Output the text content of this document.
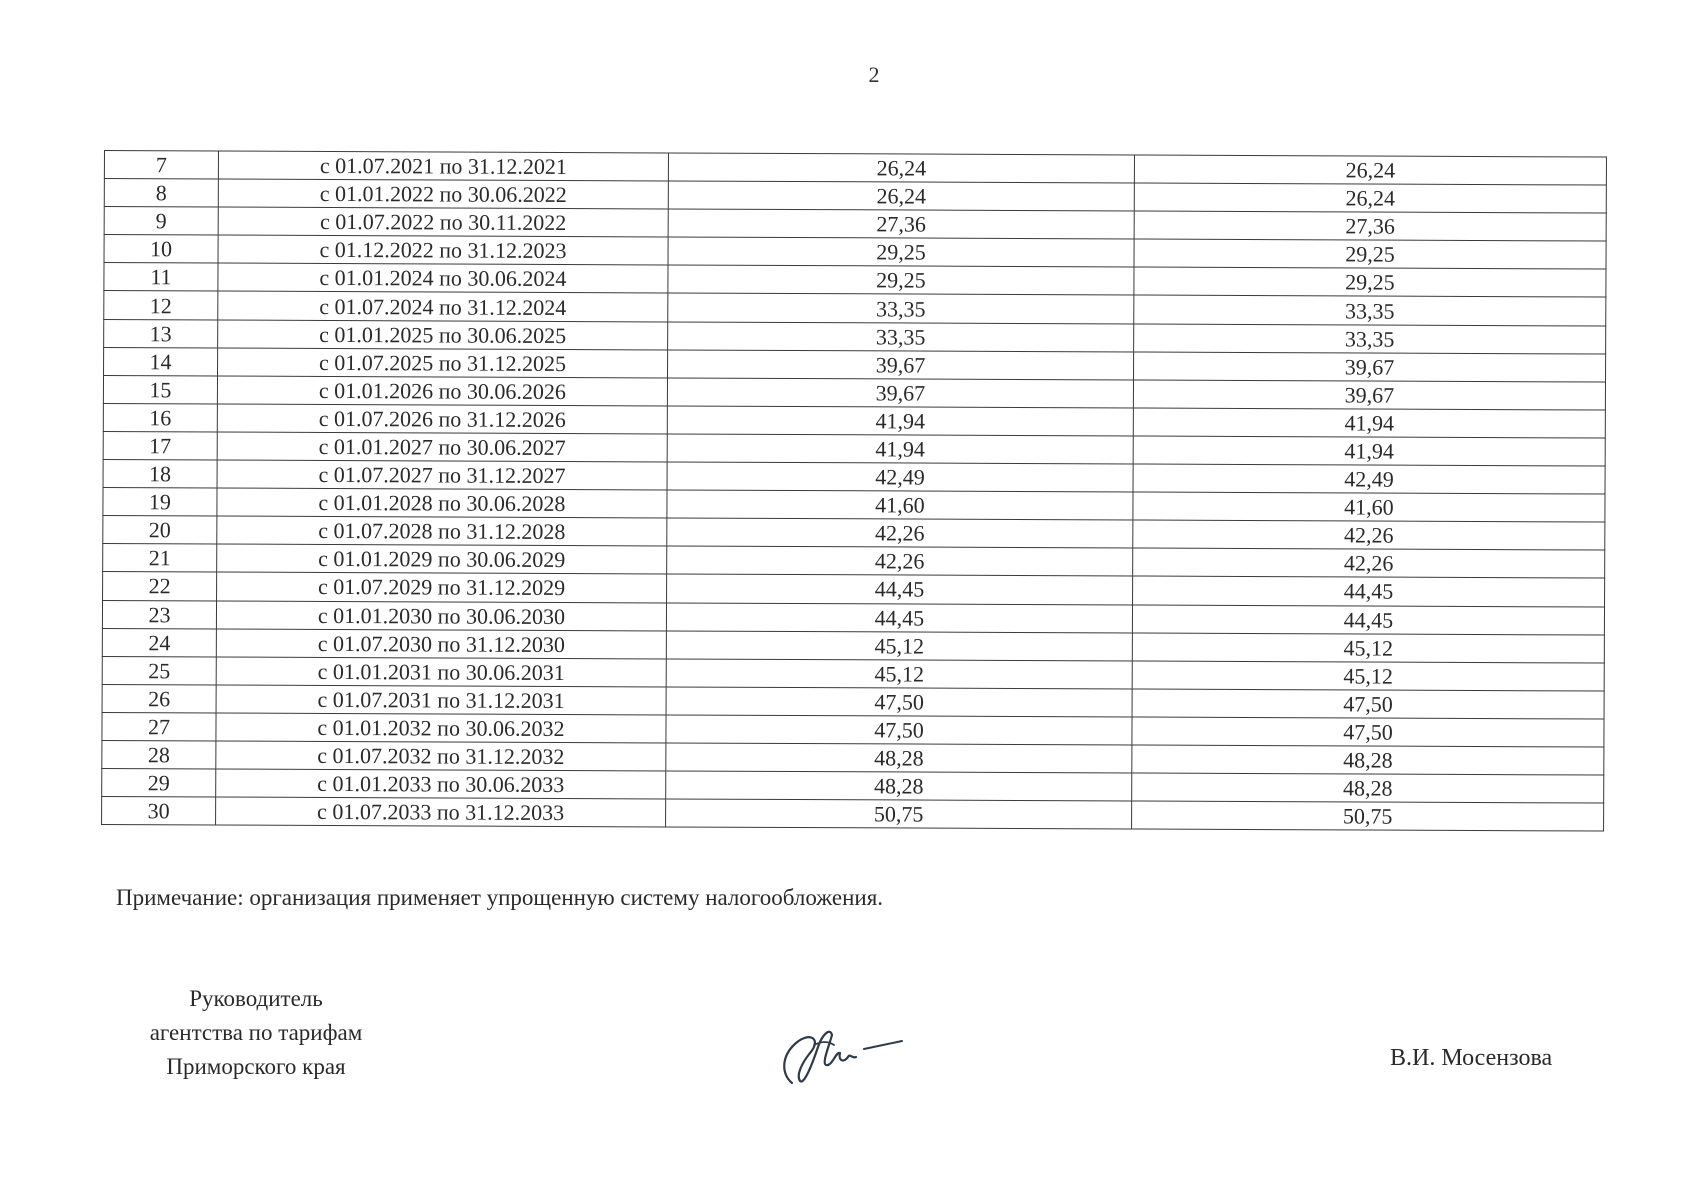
2
7	с 01.07.2021 по 31.12.2021	26,24	26,24
8	с 01.01.2022 по 30.06.2022	26,24	26,24
9	с 01.07.2022 по 30.11.2022	27,36	27,36
10	с 01.12.2022 по 31.12.2023	29,25	29,25
11	с 01.01.2024 по 30.06.2024	29,25	29,25
12	с 01.07.2024 по 31.12.2024	33,35	33,35
13	с 01.01.2025 по 30.06.2025	33,35	33,35
14	с 01.07.2025 по 31.12.2025	39,67	39,67
15	с 01.01.2026 по 30.06.2026	39,67	39,67
16	с 01.07.2026 по 31.12.2026	41,94	41,94
17	с 01.01.2027 по 30.06.2027	41,94	41,94
18	с 01.07.2027 по 31.12.2027	42,49	42,49
19	с 01.01.2028 по 30.06.2028	41,60	41,60
20	с 01.07.2028 по 31.12.2028	42,26	42,26
21	с 01.01.2029 по 30.06.2029	42,26	42,26
22	с 01.07.2029 по 31.12.2029	44,45	44,45
23	с 01.01.2030 по 30.06.2030	44,45	44,45
24	с 01.07.2030 по 31.12.2030	45,12	45,12
25	с 01.01.2031 по 30.06.2031	45,12	45,12
26	с 01.07.2031 по 31.12.2031	47,50	47,50
27	с 01.01.2032 по 30.06.2032	47,50	47,50
28	с 01.07.2032 по 31.12.2032	48,28	48,28
29	с 01.01.2033 по 30.06.2033	48,28	48,28
30	с 01.07.2033 по 31.12.2033	50,75	50,75
Примечание: организация применяет упрощенную систему налогообложения.
Руководитель
агентства по тарифам
Приморского края	В.И. Мосензова
